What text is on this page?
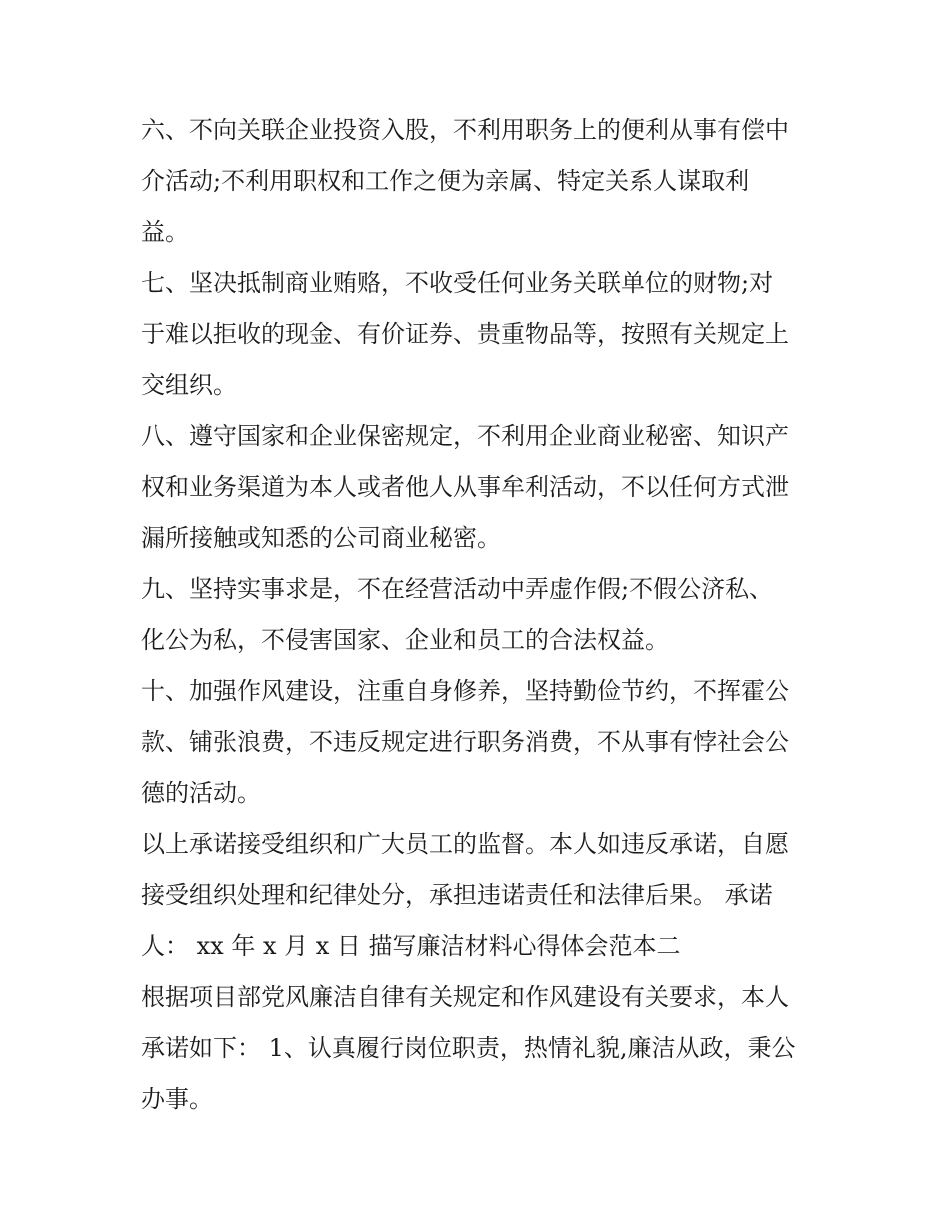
六、不向关联企业投资入股，不利用职务上的便利从事有偿中
介活动;不利用职权和工作之便为亲属、特定关系人谋取利
益。
七、坚决抵制商业贿赂，不收受任何业务关联单位的财物;对
于难以拒收的现金、有价证券、贵重物品等，按照有关规定上
交组织。
八、遵守国家和企业保密规定，不利用企业商业秘密、知识产
权和业务渠道为本人或者他人从事牟利活动，不以任何方式泄
漏所接触或知悉的公司商业秘密。
九、坚持实事求是，不在经营活动中弄虚作假;不假公济私、
化公为私，不侵害国家、企业和员工的合法权益。
十、加强作风建设，注重自身修养，坚持勤俭节约，不挥霍公
款、铺张浪费，不违反规定进行职务消费，不从事有悖社会公
德的活动。
以上承诺接受组织和广大员工的监督。本人如违反承诺，自愿
接受组织处理和纪律处分，承担违诺责任和法律后果。 承诺
人： xx 年 x 月 x 日 描写廉洁材料心得体会范本二
根据项目部党风廉洁自律有关规定和作风建设有关要求，本人
承诺如下： 1、认真履行岗位职责，热情礼貌,廉洁从政，秉公
办事。
